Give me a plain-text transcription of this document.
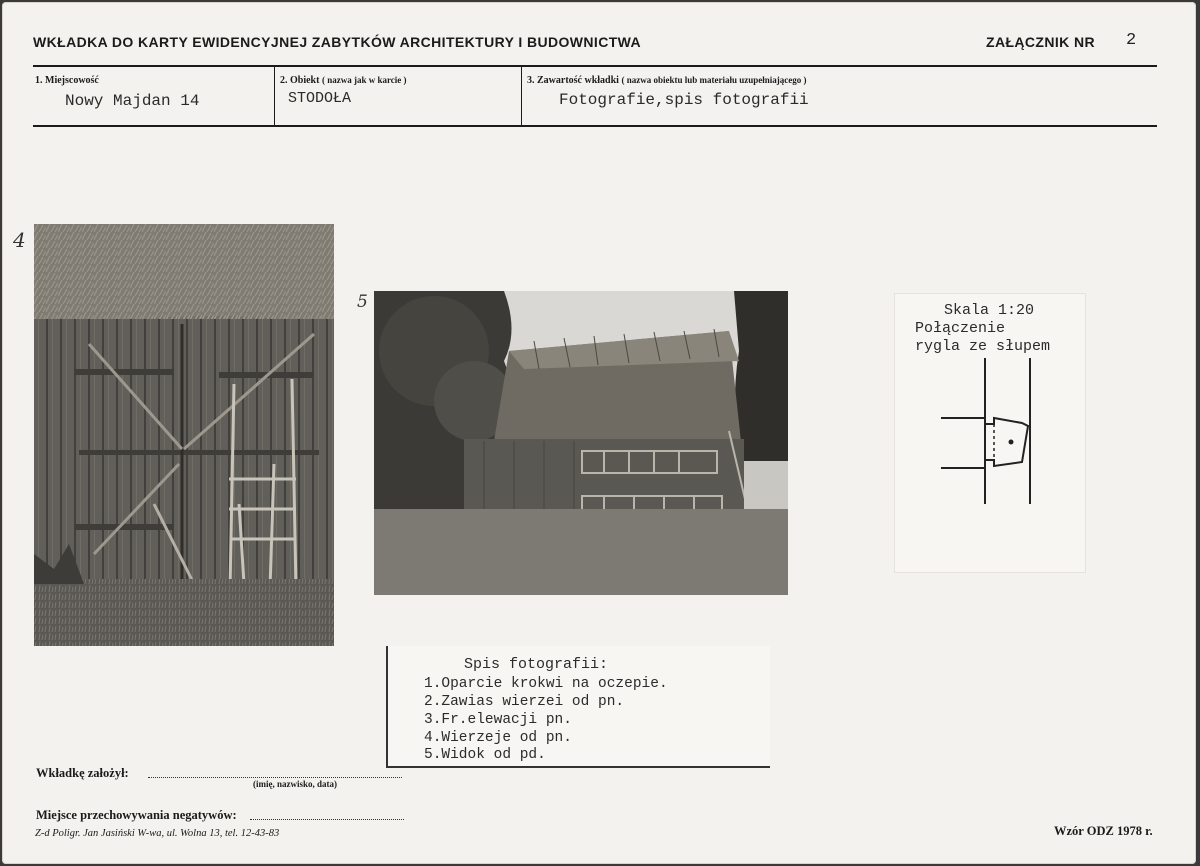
WKŁADKA DO KARTY EWIDENCYJNEJ ZABYTKÓW ARCHITEKTURY I BUDOWNICTWA	ZAŁĄCZNIK NR 2
1. Miejscowość
Nowy Majdan 14
2. Obiekt ( nazwa jak w karcie )
STODOŁA
3. Zawartość wkładki ( nazwa obiektu lub materiału uzupełniającego )
Fotografie,spis fotografii
4
5	Skala 1:20
Połączenie
rygla ze słupem
Spis fotografii:
1.Oparcie krokwi na oczepie.
2.Zawias wierzei od pn.
3.Fr.elewacji pn.
4.Wierzeje od pn.
5.Widok od pd.
Wkładkę założył:
(imię, nazwisko, data)
Miejsce przechowywania negatywów:
Z-d Poligr. Jan Jasiński W-wa, ul. Wolna 13, tel. 12-43-83	Wzór ODZ 1978 r.
